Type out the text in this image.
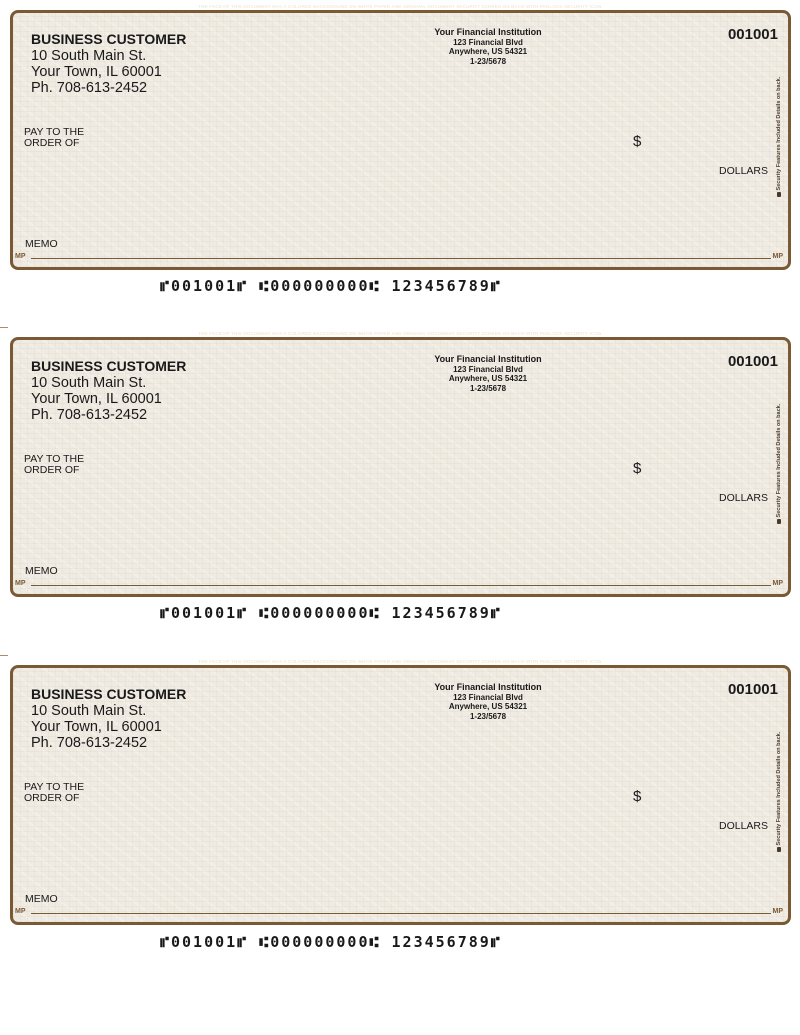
THE FACE OF THIS DOCUMENT HAS A COLORED BACKGROUND ON WHITE PAPER AND ORIGINAL DOCUMENT SECURITY SCREEN ON BACK WITH PADLOCK SECURITY ICON.
BUSINESS CUSTOMER
10 South Main St.
Your Town, IL 60001
Ph. 708-613-2452
Your Financial Institution
123 Financial Blvd
Anywhere, US 54321
1-23/5678
001001
PAY TO THE
ORDER OF	$
DOLLARS Security Features Included Details on back.
MEMO
MP	MP
⑈001001⑈ ⑆000000000⑆ 123456789⑈
THE FACE OF THIS DOCUMENT HAS A COLORED BACKGROUND ON WHITE PAPER AND ORIGINAL DOCUMENT SECURITY SCREEN ON BACK WITH PADLOCK SECURITY ICON.
BUSINESS CUSTOMER
10 South Main St.
Your Town, IL 60001
Ph. 708-613-2452
Your Financial Institution
123 Financial Blvd
Anywhere, US 54321
1-23/5678
001001
PAY TO THE
ORDER OF	$
DOLLARS Security Features Included Details on back.
MEMO
MP	MP
⑈001001⑈ ⑆000000000⑆ 123456789⑈
THE FACE OF THIS DOCUMENT HAS A COLORED BACKGROUND ON WHITE PAPER AND ORIGINAL DOCUMENT SECURITY SCREEN ON BACK WITH PADLOCK SECURITY ICON.
BUSINESS CUSTOMER
10 South Main St.
Your Town, IL 60001
Ph. 708-613-2452
Your Financial Institution
123 Financial Blvd
Anywhere, US 54321
1-23/5678
001001
PAY TO THE
ORDER OF	$
DOLLARS Security Features Included Details on back.
MEMO
MP	MP
⑈001001⑈ ⑆000000000⑆ 123456789⑈
